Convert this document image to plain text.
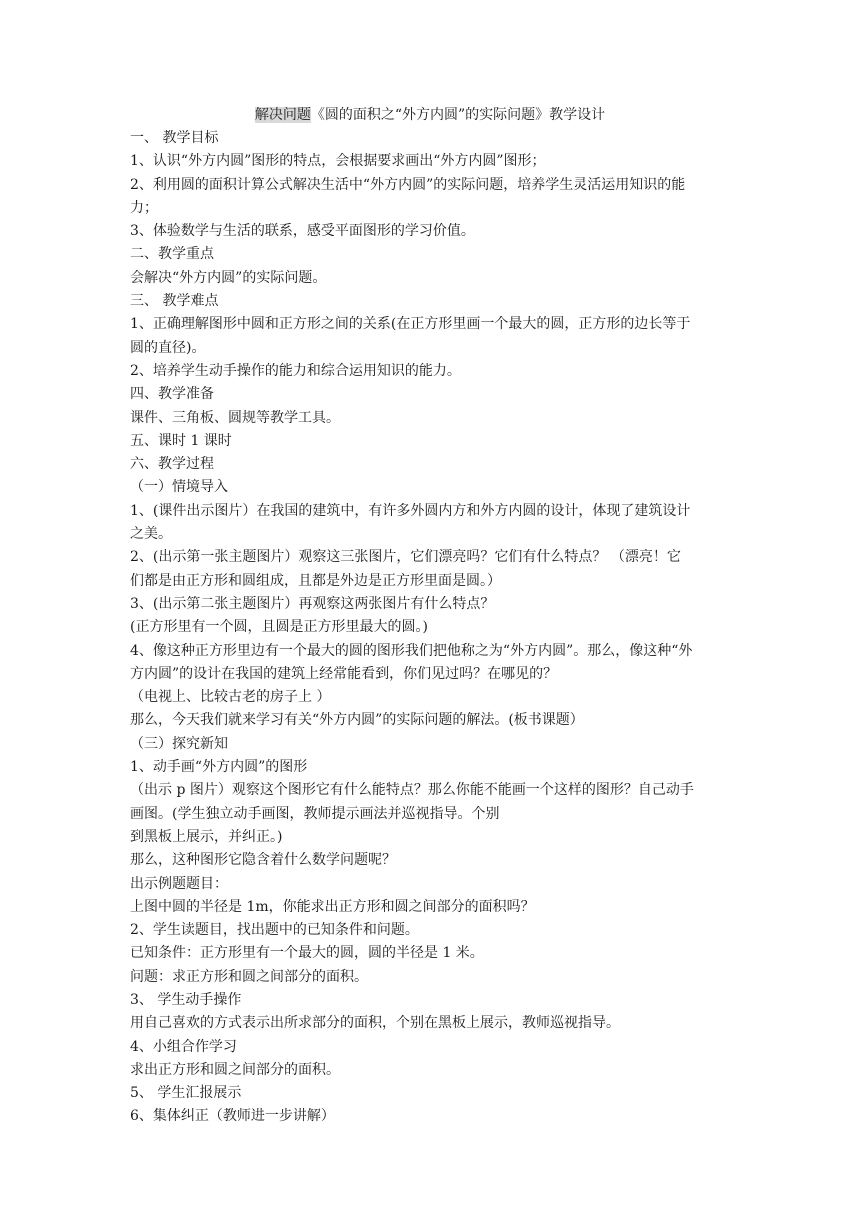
解决问题《圆的面积之“外方内圆”的实际问题》教学设计
一、 教学目标
1、认识“外方内圆”图形的特点，会根据要求画出“外方内圆”图形；
2、利用圆的面积计算公式解决生活中“外方内圆”的实际问题，培养学生灵活运用知识的能
力；
3、体验数学与生活的联系，感受平面图形的学习价值。
二、教学重点
会解决“外方内圆”的实际问题。
三、 教学难点
1、正确理解图形中圆和正方形之间的关系(在正方形里画一个最大的圆，正方形的边长等于
圆的直径)。
2、培养学生动手操作的能力和综合运用知识的能力。
四、教学准备
课件、三角板、圆规等教学工具。
五、课时 1 课时
六、教学过程
（一）情境导入
1、(课件出示图片）在我国的建筑中，有许多外圆内方和外方内圆的设计，体现了建筑设计
之美。
2、(出示第一张主题图片）观察这三张图片，它们漂亮吗？它们有什么特点？ （漂亮！它
们都是由正方形和圆组成，且都是外边是正方形里面是圆。）
3、(出示第二张主题图片）再观察这两张图片有什么特点？
(正方形里有一个圆，且圆是正方形里最大的圆。)
4、像这种正方形里边有一个最大的圆的图形我们把他称之为“外方内圆”。那么，像这种“外
方内圆”的设计在我国的建筑上经常能看到，你们见过吗？在哪见的？
（电视上、比较古老的房子上 ）
那么，今天我们就来学习有关“外方内圆”的实际问题的解法。(板书课题）
（三）探究新知
1、动手画“外方内圆”的图形
（出示 p 图片）观察这个图形它有什么能特点？那么你能不能画一个这样的图形？自己动手
画图。(学生独立动手画图，教师提示画法并巡视指导。个别
到黑板上展示，并纠正。)
那么，这种图形它隐含着什么数学问题呢？
出示例题题目：
上图中圆的半径是 1m，你能求出正方形和圆之间部分的面积吗？
2、学生读题目，找出题中的已知条件和问题。
已知条件：正方形里有一个最大的圆，圆的半径是 1 米。
问题：求正方形和圆之间部分的面积。
3、 学生动手操作
用自己喜欢的方式表示出所求部分的面积，个别在黑板上展示，教师巡视指导。
4、小组合作学习
求出正方形和圆之间部分的面积。
5、 学生汇报展示
6、集体纠正（教师进一步讲解）
